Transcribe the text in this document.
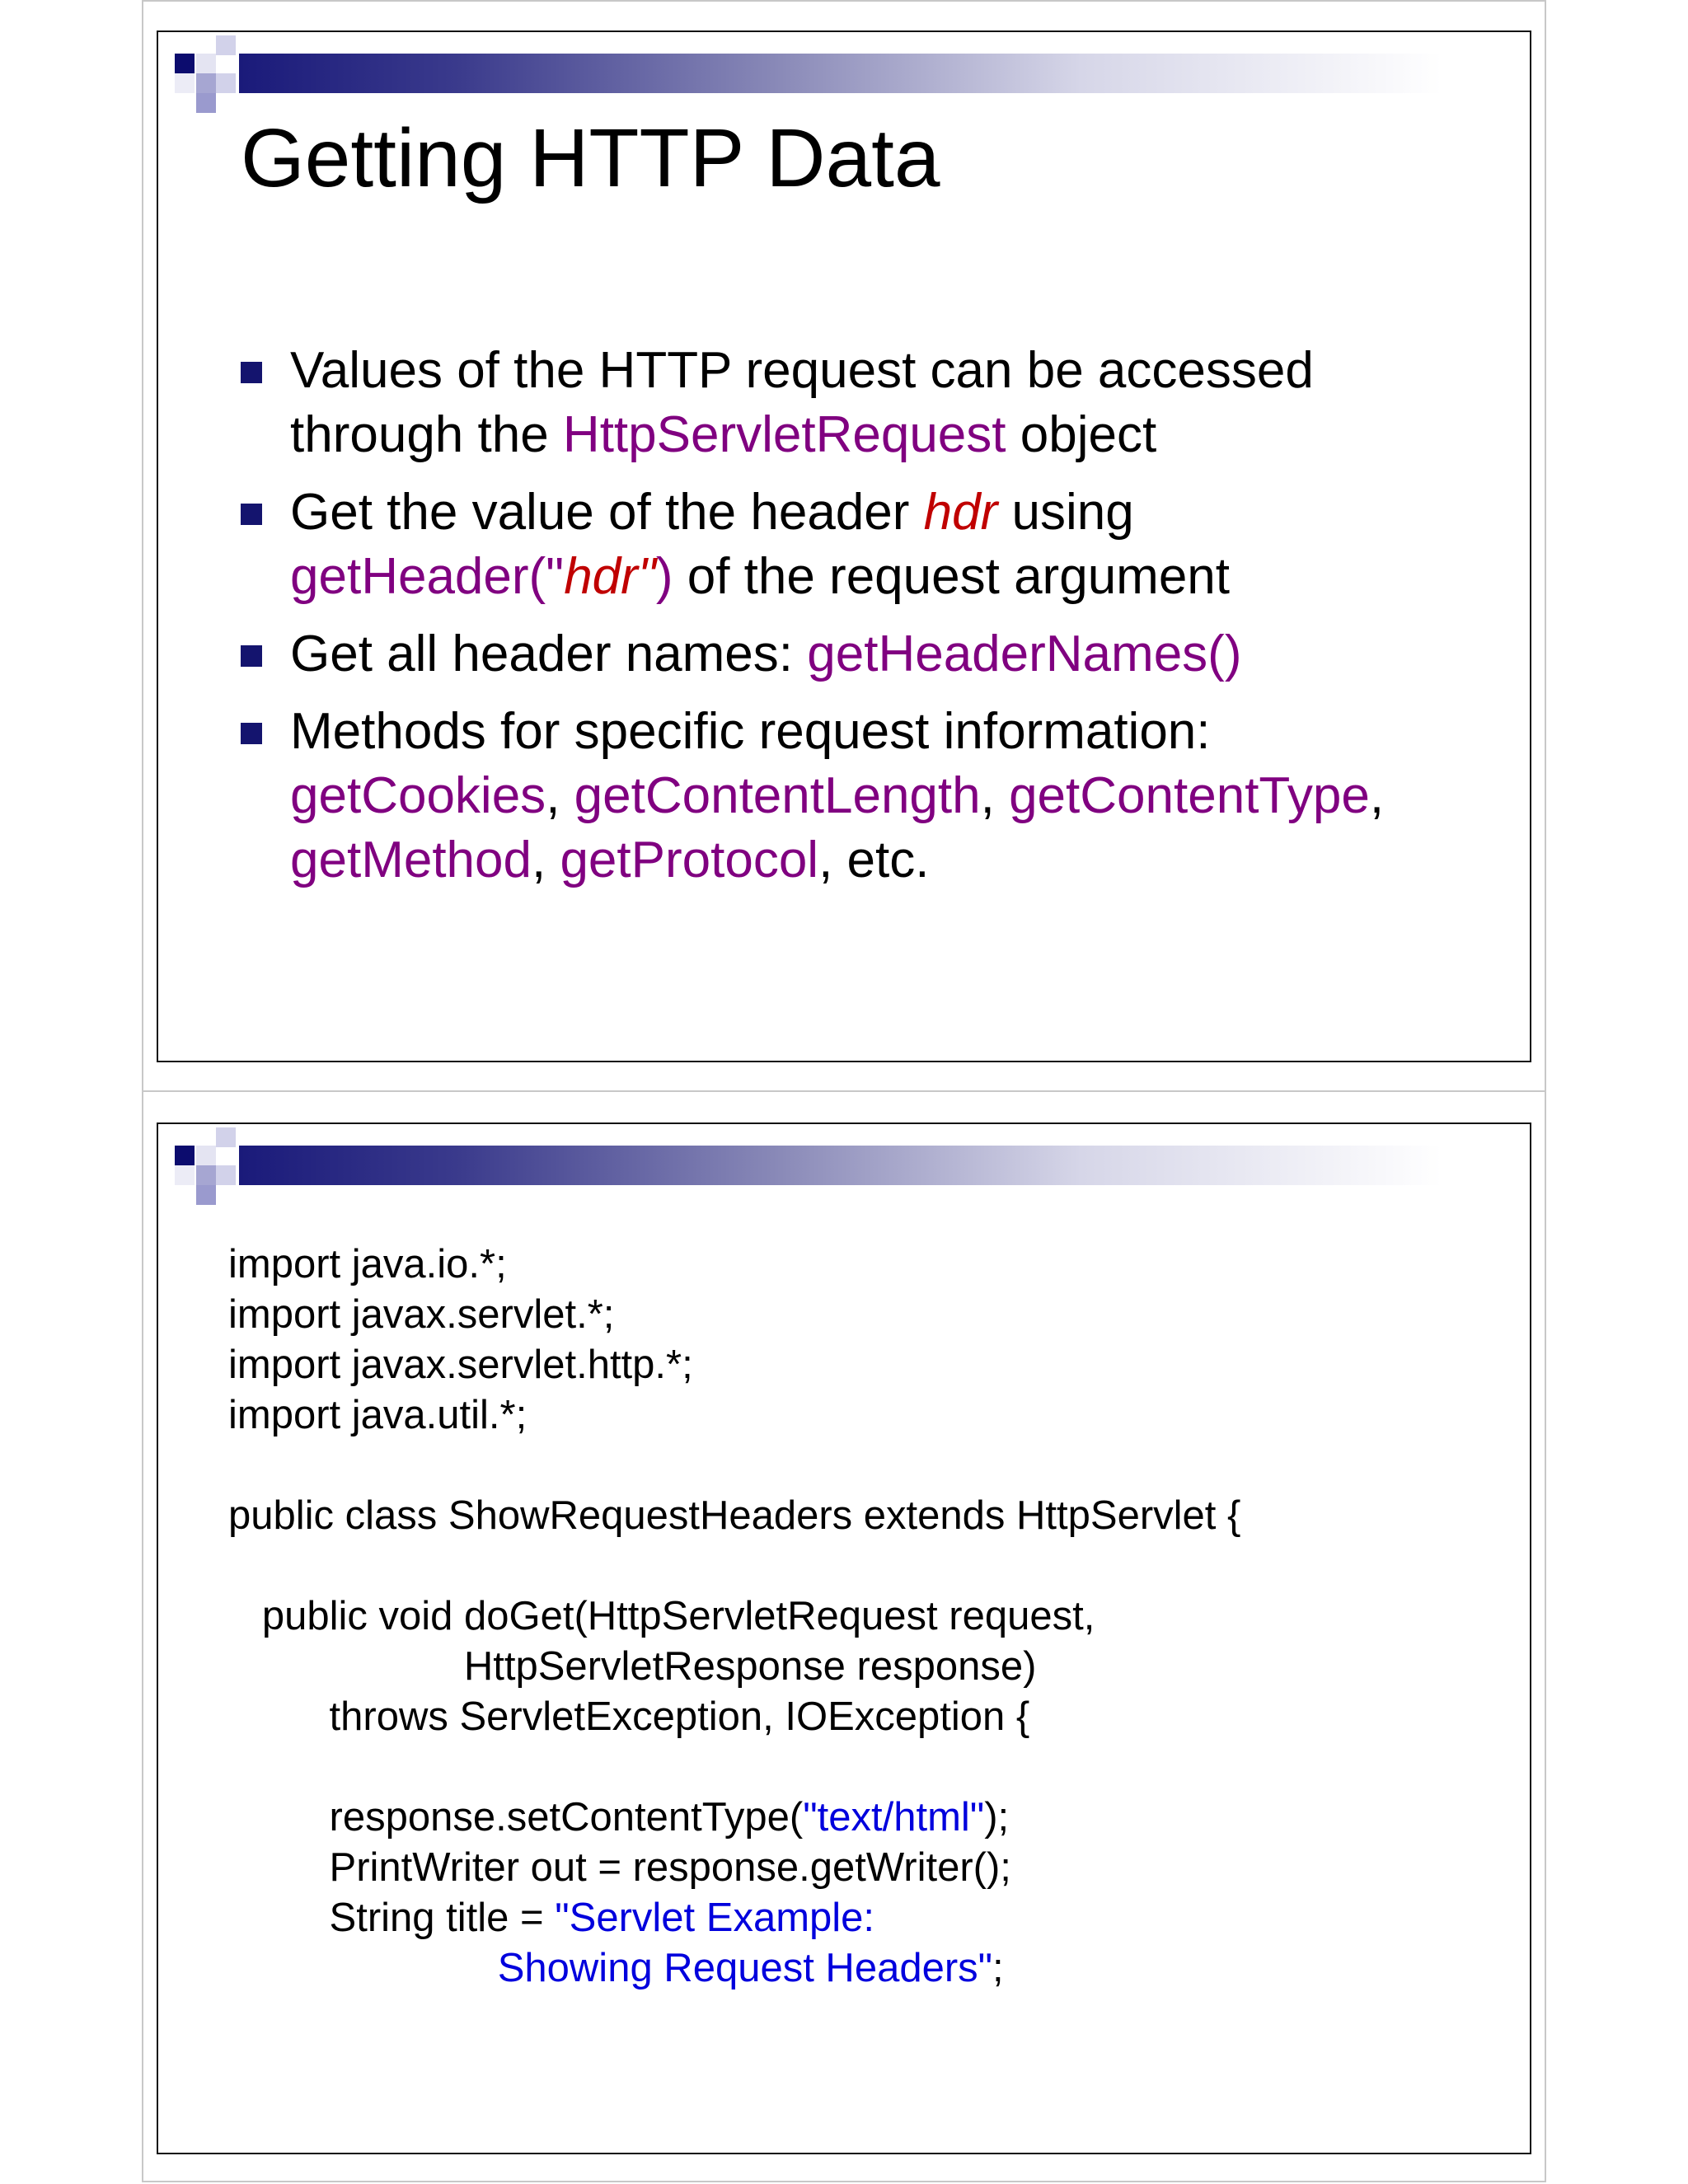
Getting HTTP Data
Values of the HTTP request can be accessed through the HttpServletRequest object
Get the value of the header hdr using getHeader("hdr") of the request argument
Get all header names: getHeaderNames()
Methods for specific request information: getCookies, getContentLength, getContentType, getMethod, getProtocol, etc.
import java.io.*;
import javax.servlet.*;
import javax.servlet.http.*;
import java.util.*;
public class ShowRequestHeaders extends HttpServlet {
public void doGet(HttpServletRequest request,
HttpServletResponse response)
throws ServletException, IOException {
response.setContentType("text/html");
PrintWriter out = response.getWriter();
String title = "Servlet Example:
Showing Request Headers";
